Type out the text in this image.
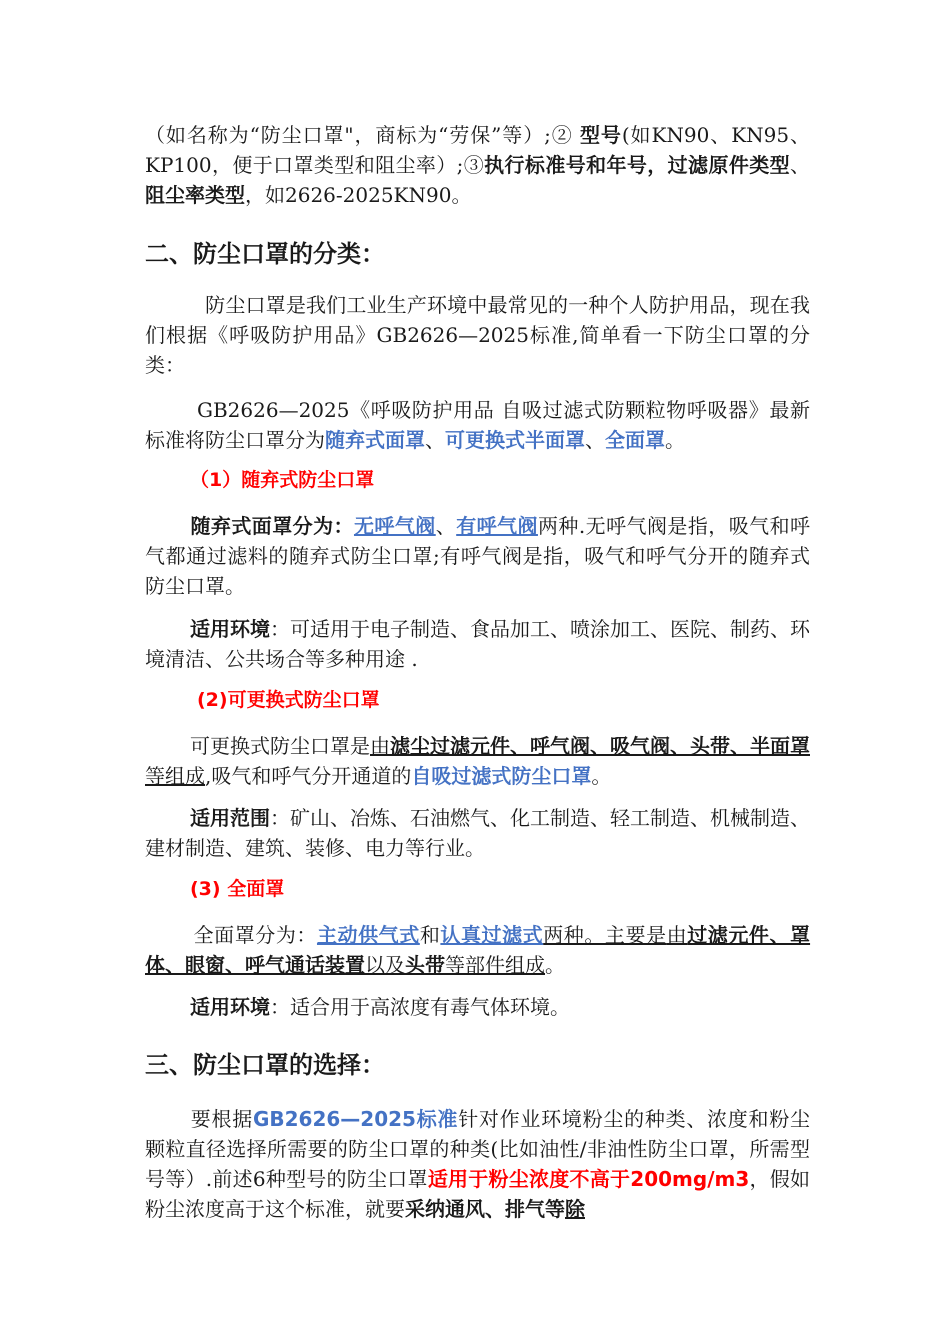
（如名称为“防尘口罩"，商标为“劳保”等）;② 型号(如KN90、KN95、KP100，便于口罩类型和阻尘率）;③执行标准号和年号，过滤原件类型、阻尘率类型，如2626-2025KN90。

二、防尘口罩的分类：

防尘口罩是我们工业生产环境中最常见的一种个人防护用品，现在我们根据《呼吸防护用品》GB2626—2025标准,简单看一下防尘口罩的分类：

GB2626—2025《呼吸防护用品 自吸过滤式防颗粒物呼吸器》最新标准将防尘口罩分为随弃式面罩、可更换式半面罩、全面罩。

（1）随弃式防尘口罩

随弃式面罩分为：无呼气阀、有呼气阀两种.无呼气阀是指，吸气和呼气都通过滤料的随弃式防尘口罩;有呼气阀是指，吸气和呼气分开的随弃式防尘口罩。

适用环境：可适用于电子制造、食品加工、喷涂加工、医院、制药、环境清洁、公共场合等多种用途 .

(2)可更换式防尘口罩

可更换式防尘口罩是由滤尘过滤元件、呼气阀、吸气阀、头带、半面罩等组成,吸气和呼气分开通道的自吸过滤式防尘口罩。

适用范围：矿山、冶炼、石油燃气、化工制造、轻工制造、机械制造、建材制造、建筑、装修、电力等行业。

(3) 全面罩

全面罩分为：主动供气式和认真过滤式两种。主要是由过滤元件、罩体、眼窗、呼气通话装置以及头带等部件组成。

适用环境：适合用于高浓度有毒气体环境。

三、防尘口罩的选择：

要根据GB2626—2025标准针对作业环境粉尘的种类、浓度和粉尘颗粒直径选择所需要的防尘口罩的种类(比如油性/非油性防尘口罩，所需型号等）.前述6种型号的防尘口罩适用于粉尘浓度不高于200mg/m3，假如粉尘浓度高于这个标准，就要采纳通风、排气等除
